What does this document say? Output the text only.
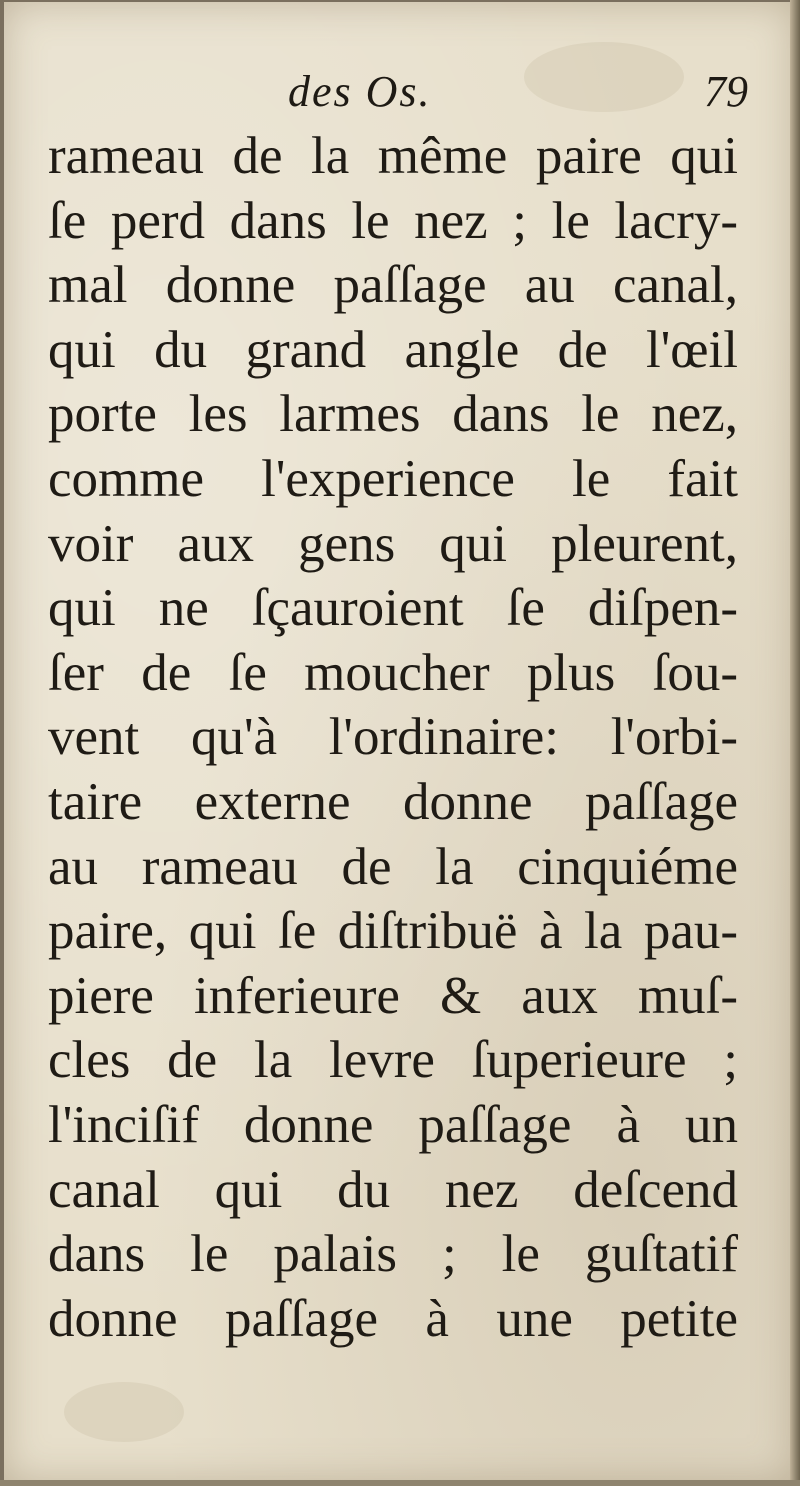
des Os.	79
rameau de la même paire qui
ſe perd dans le nez ; le lacry-
mal donne paſſage au canal,
qui du grand angle de l'œil
porte les larmes dans le nez,
comme l'experience le fait
voir aux gens qui pleurent,
qui ne ſçauroient ſe diſpen-
ſer de ſe moucher plus ſou-
vent qu'à l'ordinaire: l'orbi-
taire externe donne paſſage
au rameau de la cinquiéme
paire, qui ſe diſtribuë à la pau-
piere inferieure & aux muſ-
cles de la levre ſuperieure ;
l'inciſif donne paſſage à un
canal qui du nez deſcend
dans le palais ; le guſtatif
donne paſſage à une petite
